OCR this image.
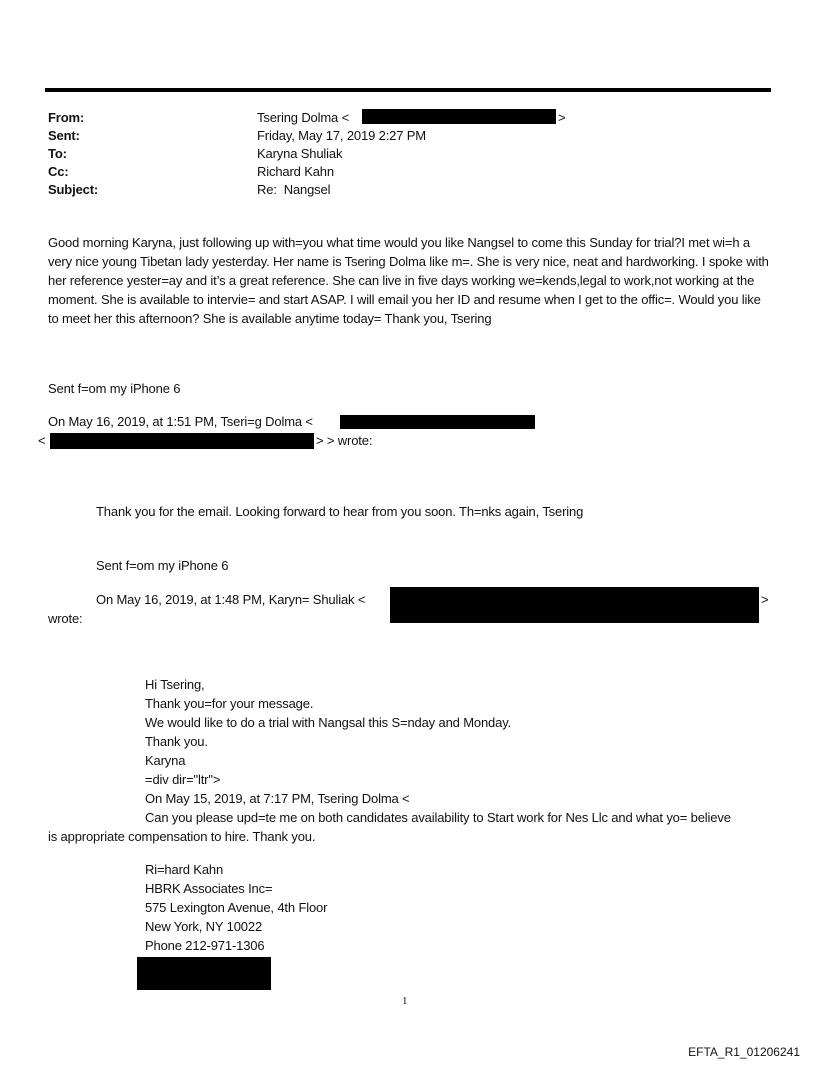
From:	Tsering Dolma <	>
Sent:	Friday, May 17, 2019 2:27 PM
To:	Karyna Shuliak
Cc:	Richard Kahn
Subject:	Re:  Nangsel
Good morning Karyna, just following up with=you what time would you like Nangsel to come this Sunday for trial?I met wi=h a very nice young Tibetan lady yesterday. Her name is Tsering Dolma like m=. She is very nice, neat and hardworking. I spoke with her reference yester=ay and it’s a great reference. She can live in five days working we=kends,legal to work,not working at the moment. She is available to intervie= and start ASAP. I will email you her ID and resume when I get to the offic=. Would you like to meet her this afternoon? She is available anytime today= Thank you, Tsering
Sent f=om my iPhone 6
On May 16, 2019, at 1:51 PM, Tseri=g Dolma <
<	> > wrote:
Thank you for the email. Looking forward to hear from you soon. Th=nks again, Tsering
Sent f=om my iPhone 6
On May 16, 2019, at 1:48 PM, Karyn= Shuliak <	>
wrote:
Hi Tsering,
Thank you=for your message.
We would like to do a trial with Nangsal this S=nday and Monday.
Thank you.
Karyna
=div dir="ltr">
On May 15, 2019, at 7:17 PM, Tsering Dolma <
Can you please upd=te me on both candidates availability to Start work for Nes Llc and what yo= believe
is appropriate compensation to hire. Thank you.
Ri=hard Kahn
HBRK Associates Inc=
575 Lexington Avenue, 4th Floor
New York, NY 10022
Phone 212-971-1306
1
EFTA_R1_01206241
